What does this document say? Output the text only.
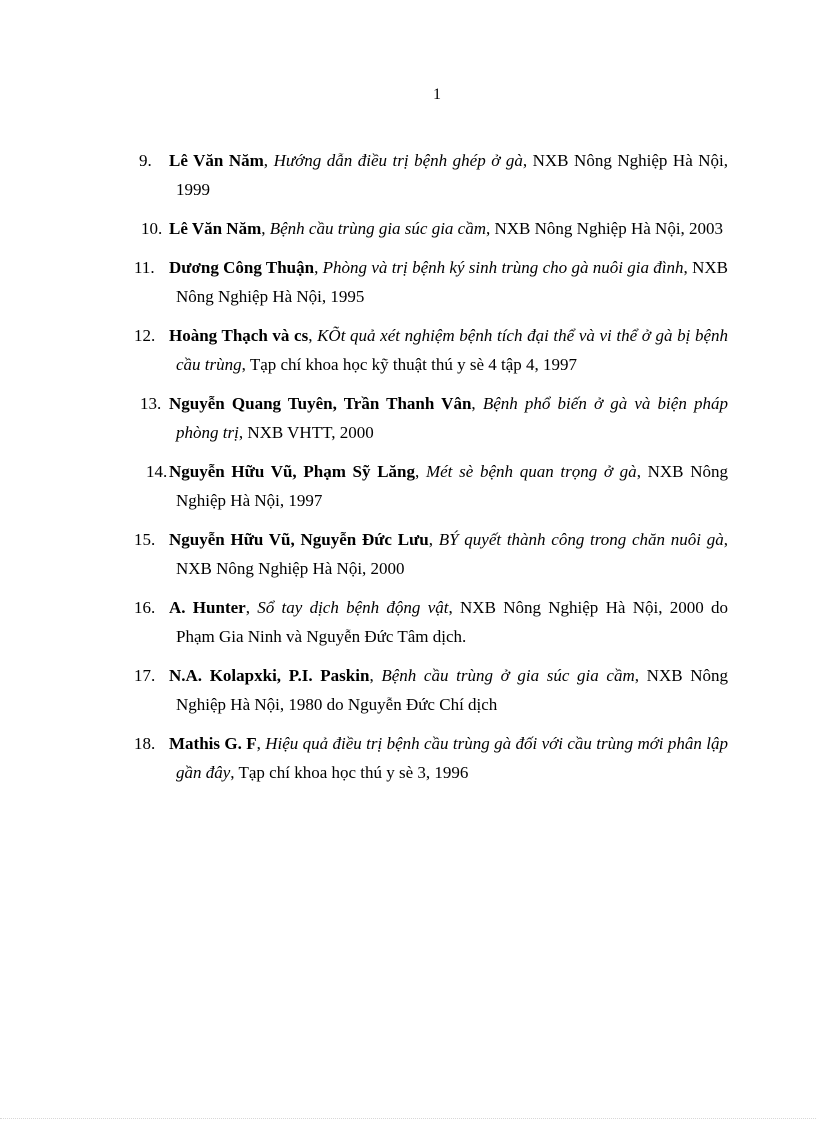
1
9. Lê Văn Năm, Hướng dẫn điều trị bệnh ghép ở gà, NXB Nông Nghiệp Hà Nội, 1999
10. Lê Văn Năm, Bệnh cầu trùng gia súc gia cầm, NXB Nông Nghiệp Hà Nội, 2003
11. Dương Công Thuận, Phòng và trị bệnh ký sinh trùng cho gà nuôi gia đình, NXB Nông Nghiệp Hà Nội, 1995
12. Hoàng Thạch và cs, KÕt quả xét nghiệm bệnh tích đại thể và vi thể ở gà bị bệnh cầu trùng, Tạp chí khoa học kỹ thuật thú y sè 4 tập 4, 1997
13. Nguyễn Quang Tuyên, Trần Thanh Vân, Bệnh phổ biến ở gà và biện pháp phòng trị, NXB VHTT, 2000
14. Nguyễn Hữu Vũ, Phạm Sỹ Lăng, Mét sè bệnh quan trọng ở gà, NXB Nông Nghiệp Hà Nội, 1997
15. Nguyễn Hữu Vũ, Nguyễn Đức Lưu, BÝ quyết thành công trong chăn nuôi gà, NXB Nông Nghiệp Hà Nội, 2000
16. A. Hunter, Sổ tay dịch bệnh động vật, NXB Nông Nghiệp Hà Nội, 2000 do Phạm Gia Ninh và Nguyễn Đức Tâm dịch.
17. N.A. Kolapxki, P.I. Paskin, Bệnh cầu trùng ở gia súc gia cầm, NXB Nông Nghiệp Hà Nội, 1980 do Nguyễn Đức Chí dịch
18. Mathis G. F, Hiệu quả điều trị bệnh cầu trùng gà đối với cầu trùng mới phân lập gần đây, Tạp chí khoa học thú y sè 3, 1996
